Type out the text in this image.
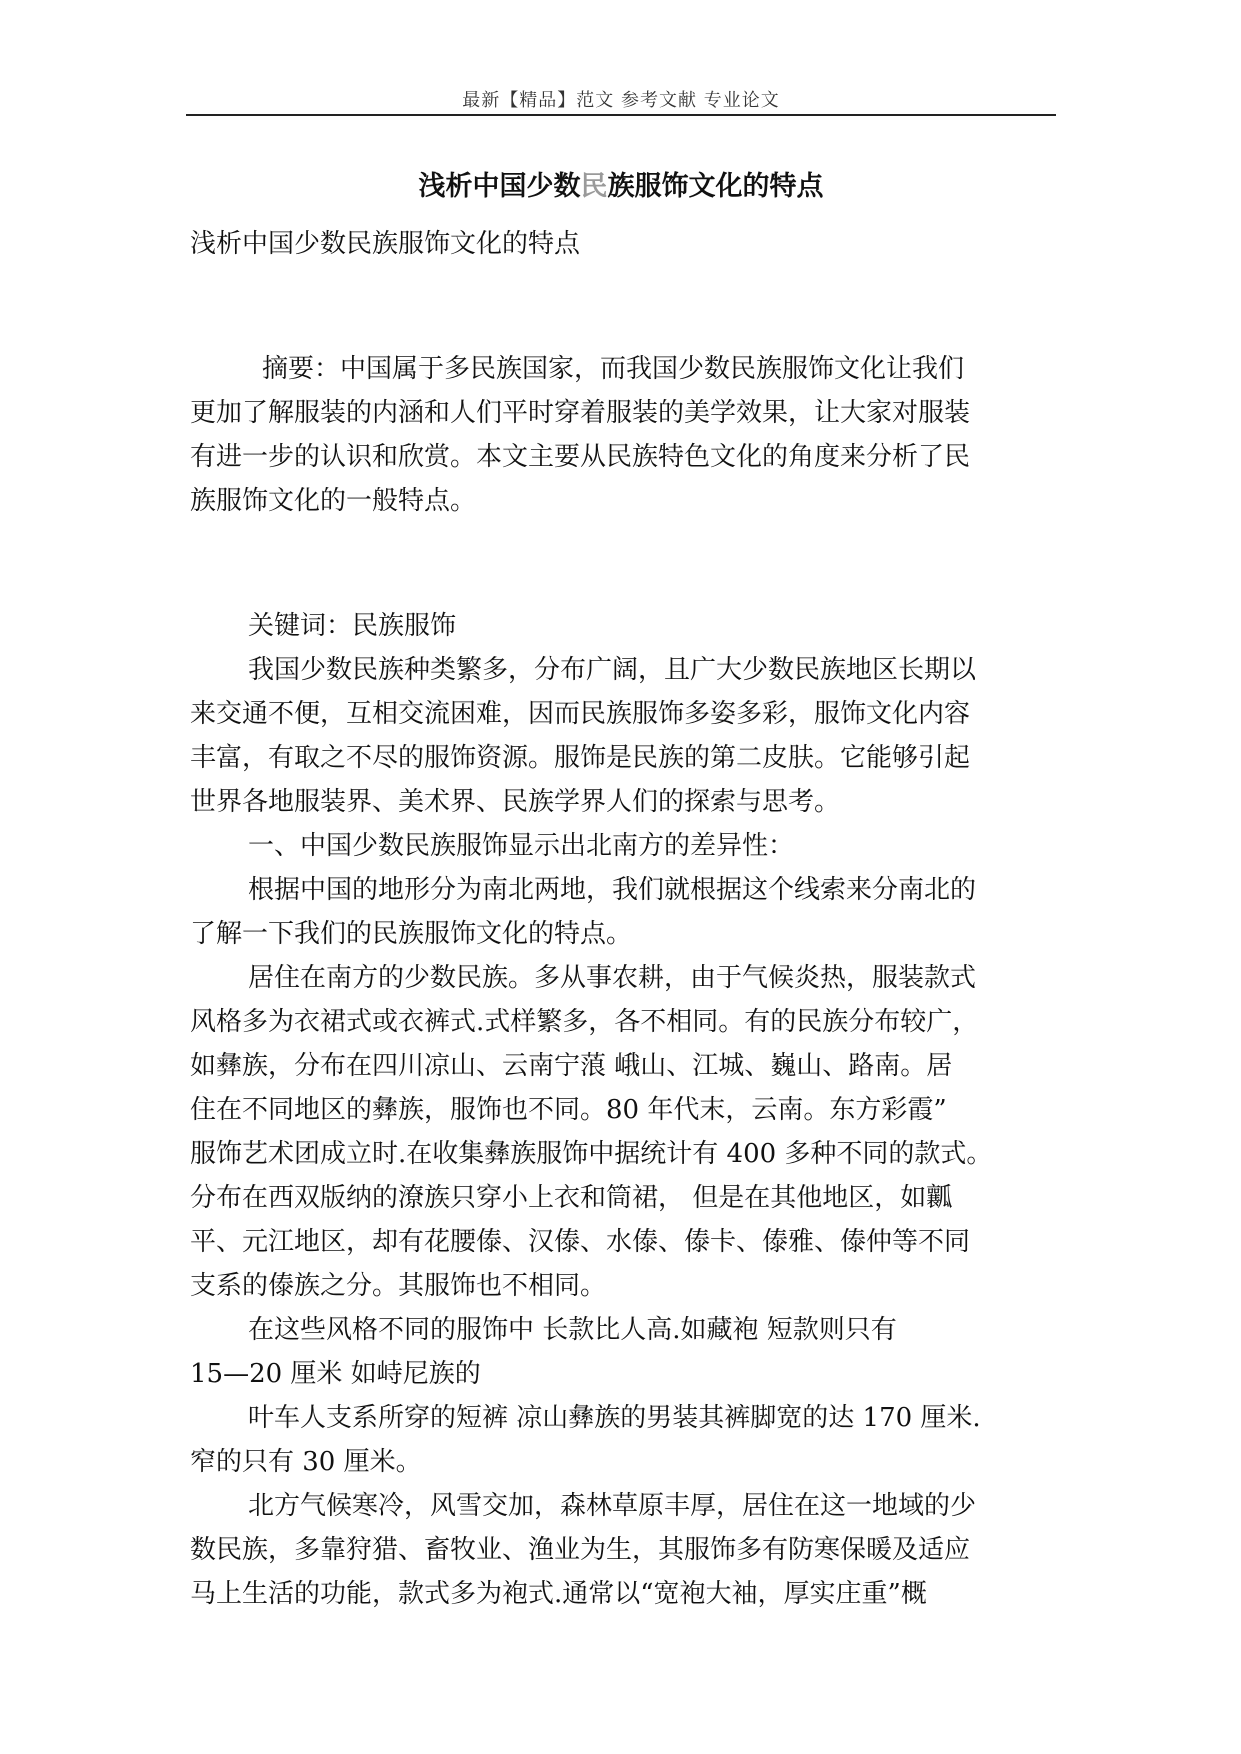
最新【精品】范文 参考文献 专业论文
浅析中国少数民族服饰文化的特点
浅析中国少数民族服饰文化的特点
摘要：中国属于多民族国家，而我国少数民族服饰文化让我们
更加了解服装的内涵和人们平时穿着服装的美学效果，让大家对服装
有进一步的认识和欣赏。本文主要从民族特色文化的角度来分析了民
族服饰文化的一般特点。
关键词：民族服饰
我国少数民族种类繁多，分布广阔，且广大少数民族地区长期以
来交通不便，互相交流困难，因而民族服饰多姿多彩，服饰文化内容
丰富，有取之不尽的服饰资源。服饰是民族的第二皮肤。它能够引起
世界各地服装界、美术界、民族学界人们的探索与思考。
一、中国少数民族服饰显示出北南方的差异性：
根据中国的地形分为南北两地，我们就根据这个线索来分南北的
了解一下我们的民族服饰文化的特点。
居住在南方的少数民族。多从事农耕，由于气候炎热，服装款式
风格多为衣裙式或衣裤式.式样繁多，各不相同。有的民族分布较广，
如彝族，分布在四川凉山、云南宁蒗 峨山、江城、巍山、路南。居
住在不同地区的彝族，服饰也不同。80 年代末，云南。东方彩霞”
服饰艺术团成立时.在收集彝族服饰中据统计有 400 多种不同的款式。
分布在西双版纳的潦族只穿小上衣和筒裙， 但是在其他地区，如瓤
平、元江地区，却有花腰傣、汉傣、水傣、傣卡、傣雅、傣仲等不同
支系的傣族之分。其服饰也不相同。
在这些风格不同的服饰中 长款比人高.如藏袍 短款则只有
15—20 厘米 如峙尼族的
叶车人支系所穿的短裤 凉山彝族的男装其裤脚宽的达 170 厘米.
窄的只有 30 厘米。
北方气候寒冷，风雪交加，森林草原丰厚，居住在这一地域的少
数民族，多靠狩猎、畜牧业、渔业为生，其服饰多有防寒保暖及适应
马上生活的功能，款式多为袍式.通常以“宽袍大袖，厚实庄重”概
